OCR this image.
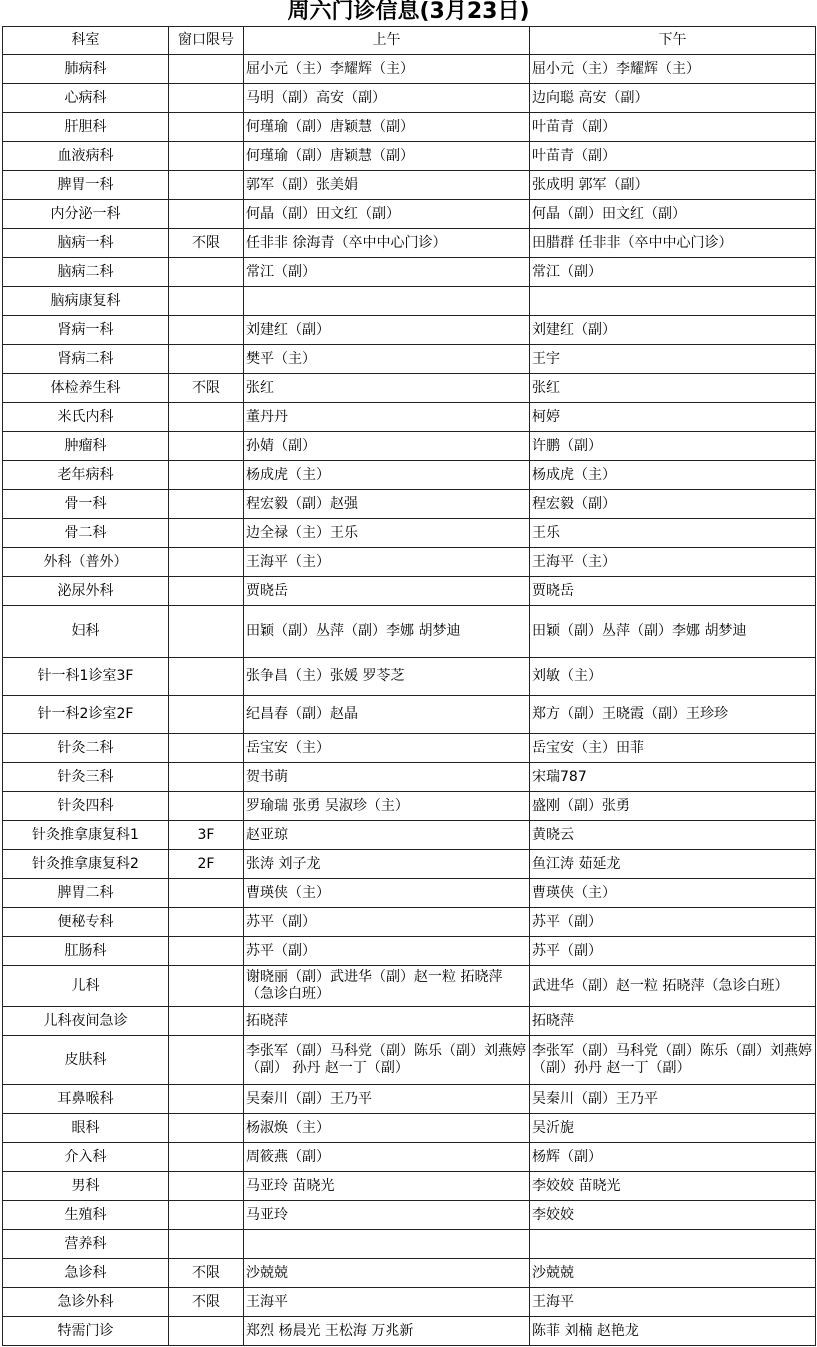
周六门诊信息(3月23日)
科室	窗口限号	上午	下午
肺病科		屈小元（主）李耀辉（主）	屈小元（主）李耀辉（主）
心病科		马明（副）高安（副）	边向聪 高安（副）
肝胆科		何瑾瑜（副）唐颖慧（副）	叶苗青（副）
血液病科		何瑾瑜（副）唐颖慧（副）	叶苗青（副）
脾胃一科		郭军（副）张美娟	张成明 郭军（副）
内分泌一科		何晶（副）田文红（副）	何晶（副）田文红（副）
脑病一科	不限	任非非 徐海青（卒中中心门诊）	田腊群 任非非（卒中中心门诊）
脑病二科		常江（副）	常江（副）
脑病康复科			
肾病一科		刘建红（副）	刘建红（副）
肾病二科		樊平（主）	王宇
体检养生科	不限	张红	张红
米氏内科		董丹丹	柯婷
肿瘤科		孙婧（副）	许鹏（副）
老年病科		杨成虎（主）	杨成虎（主）
骨一科		程宏毅（副）赵强	程宏毅（副）
骨二科		边全禄（主）王乐	王乐
外科（普外）		王海平（主）	王海平（主）
泌尿外科		贾晓岳	贾晓岳
妇科		田颖（副）丛萍（副）李娜 胡梦迪	田颖（副）丛萍（副）李娜 胡梦迪
针一科1诊室3F		张争昌（主）张媛 罗苓芝	刘敏（主）
针一科2诊室2F		纪昌春（副）赵晶	郑方（副）王晓霞（副）王珍珍
针灸二科		岳宝安（主）	岳宝安（主）田菲
针灸三科		贺书萌	宋瑞787
针灸四科		罗瑜瑞 张勇 吴淑珍（主）	盛刚（副）张勇
针灸推拿康复科1	3F	赵亚琼	黄晓云
针灸推拿康复科2	2F	张涛 刘子龙	鱼江涛 茹延龙
脾胃二科		曹瑛侠（主）	曹瑛侠（主）
便秘专科		苏平（副）	苏平（副）
肛肠科		苏平（副）	苏平（副）
儿科		谢晓丽（副）武进华（副）赵一粒 拓晓萍（急诊白班）	武进华（副）赵一粒 拓晓萍（急诊白班）
儿科夜间急诊		拓晓萍	拓晓萍
皮肤科		李张军（副）马科党（副）陈乐（副）刘燕婷（副） 孙丹 赵一丁（副）	李张军（副）马科党（副）陈乐（副）刘燕婷（副）孙丹 赵一丁（副）
耳鼻喉科		吴秦川（副）王乃平	吴秦川（副）王乃平
眼科		杨淑焕（主）	吴沂旎
介入科		周筱燕（副）	杨辉（副）
男科		马亚玲 苗晓光	李姣姣 苗晓光
生殖科		马亚玲	李姣姣
营养科			
急诊科	不限	沙兢兢	沙兢兢
急诊外科	不限	王海平	王海平
特需门诊		郑烈 杨晨光 王松海 万兆新	陈菲 刘楠 赵艳龙
